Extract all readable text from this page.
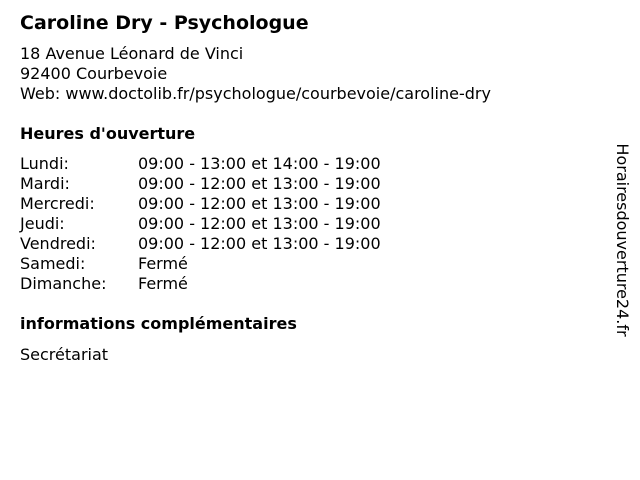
Caroline Dry - Psychologue
18 Avenue Léonard de Vinci
92400 Courbevoie
Web: www.doctolib.fr/psychologue/courbevoie/caroline-dry
Heures d'ouverture
Lundi:	09:00 - 13:00 et 14:00 - 19:00
Mardi:	09:00 - 12:00 et 13:00 - 19:00
Mercredi:	09:00 - 12:00 et 13:00 - 19:00
Jeudi:	09:00 - 12:00 et 13:00 - 19:00
Vendredi:	09:00 - 12:00 et 13:00 - 19:00
Samedi:	Fermé
Dimanche: Fermé
informations complémentaires
Secrétariat
Horairesdouverture24.fr
